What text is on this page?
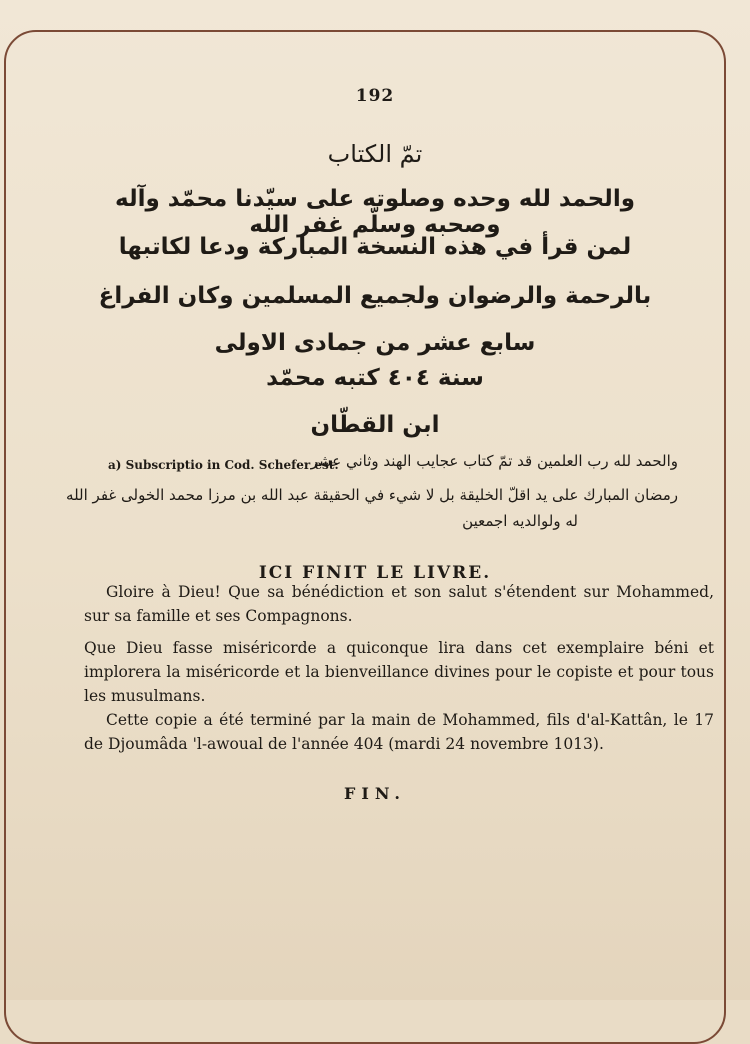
192
تمّ الكتاب
والحمد لله وحده وصلوته على سيّدنا محمّد وآله وصحبه وسلّم غفر الله
لمن قرأ في هذه النسخة المباركة ودعا لكاتبها
بالرحمة والرضوان ولجميع المسلمين وكان الفراغ
سابع عشر من جمادى الاولى
سنة ٤٠٤ كتبه محمّد
ابن القطّان
a) Subscriptio in Cod. Schefer est:
والحمد لله رب العلمين قد تمّ كتاب عجايب الهند وثاني عشر
رمضان المبارك على يد اقلّ الخليقة بل لا شيء في الحقيقة عبد الله بن مرزا محمد الخولى غفر الله
له ولوالديه اجمعين
ICI FINIT LE LIVRE.

Gloire à Dieu! Que sa bénédiction et son salut s'étendent sur Mohammed, sur sa famille et ses Compagnons.

Que Dieu fasse miséricorde a quiconque lira dans cet exemplaire béni et implorera la miséricorde et la bienveillance divines pour le copiste et pour tous les musulmans.

Cette copie a été terminé par la main de Mohammed, fils d'al-Kattân, le 17 de Djoumâda 'l-awoual de l'année 404 (mardi 24 novembre 1013).

FIN.
